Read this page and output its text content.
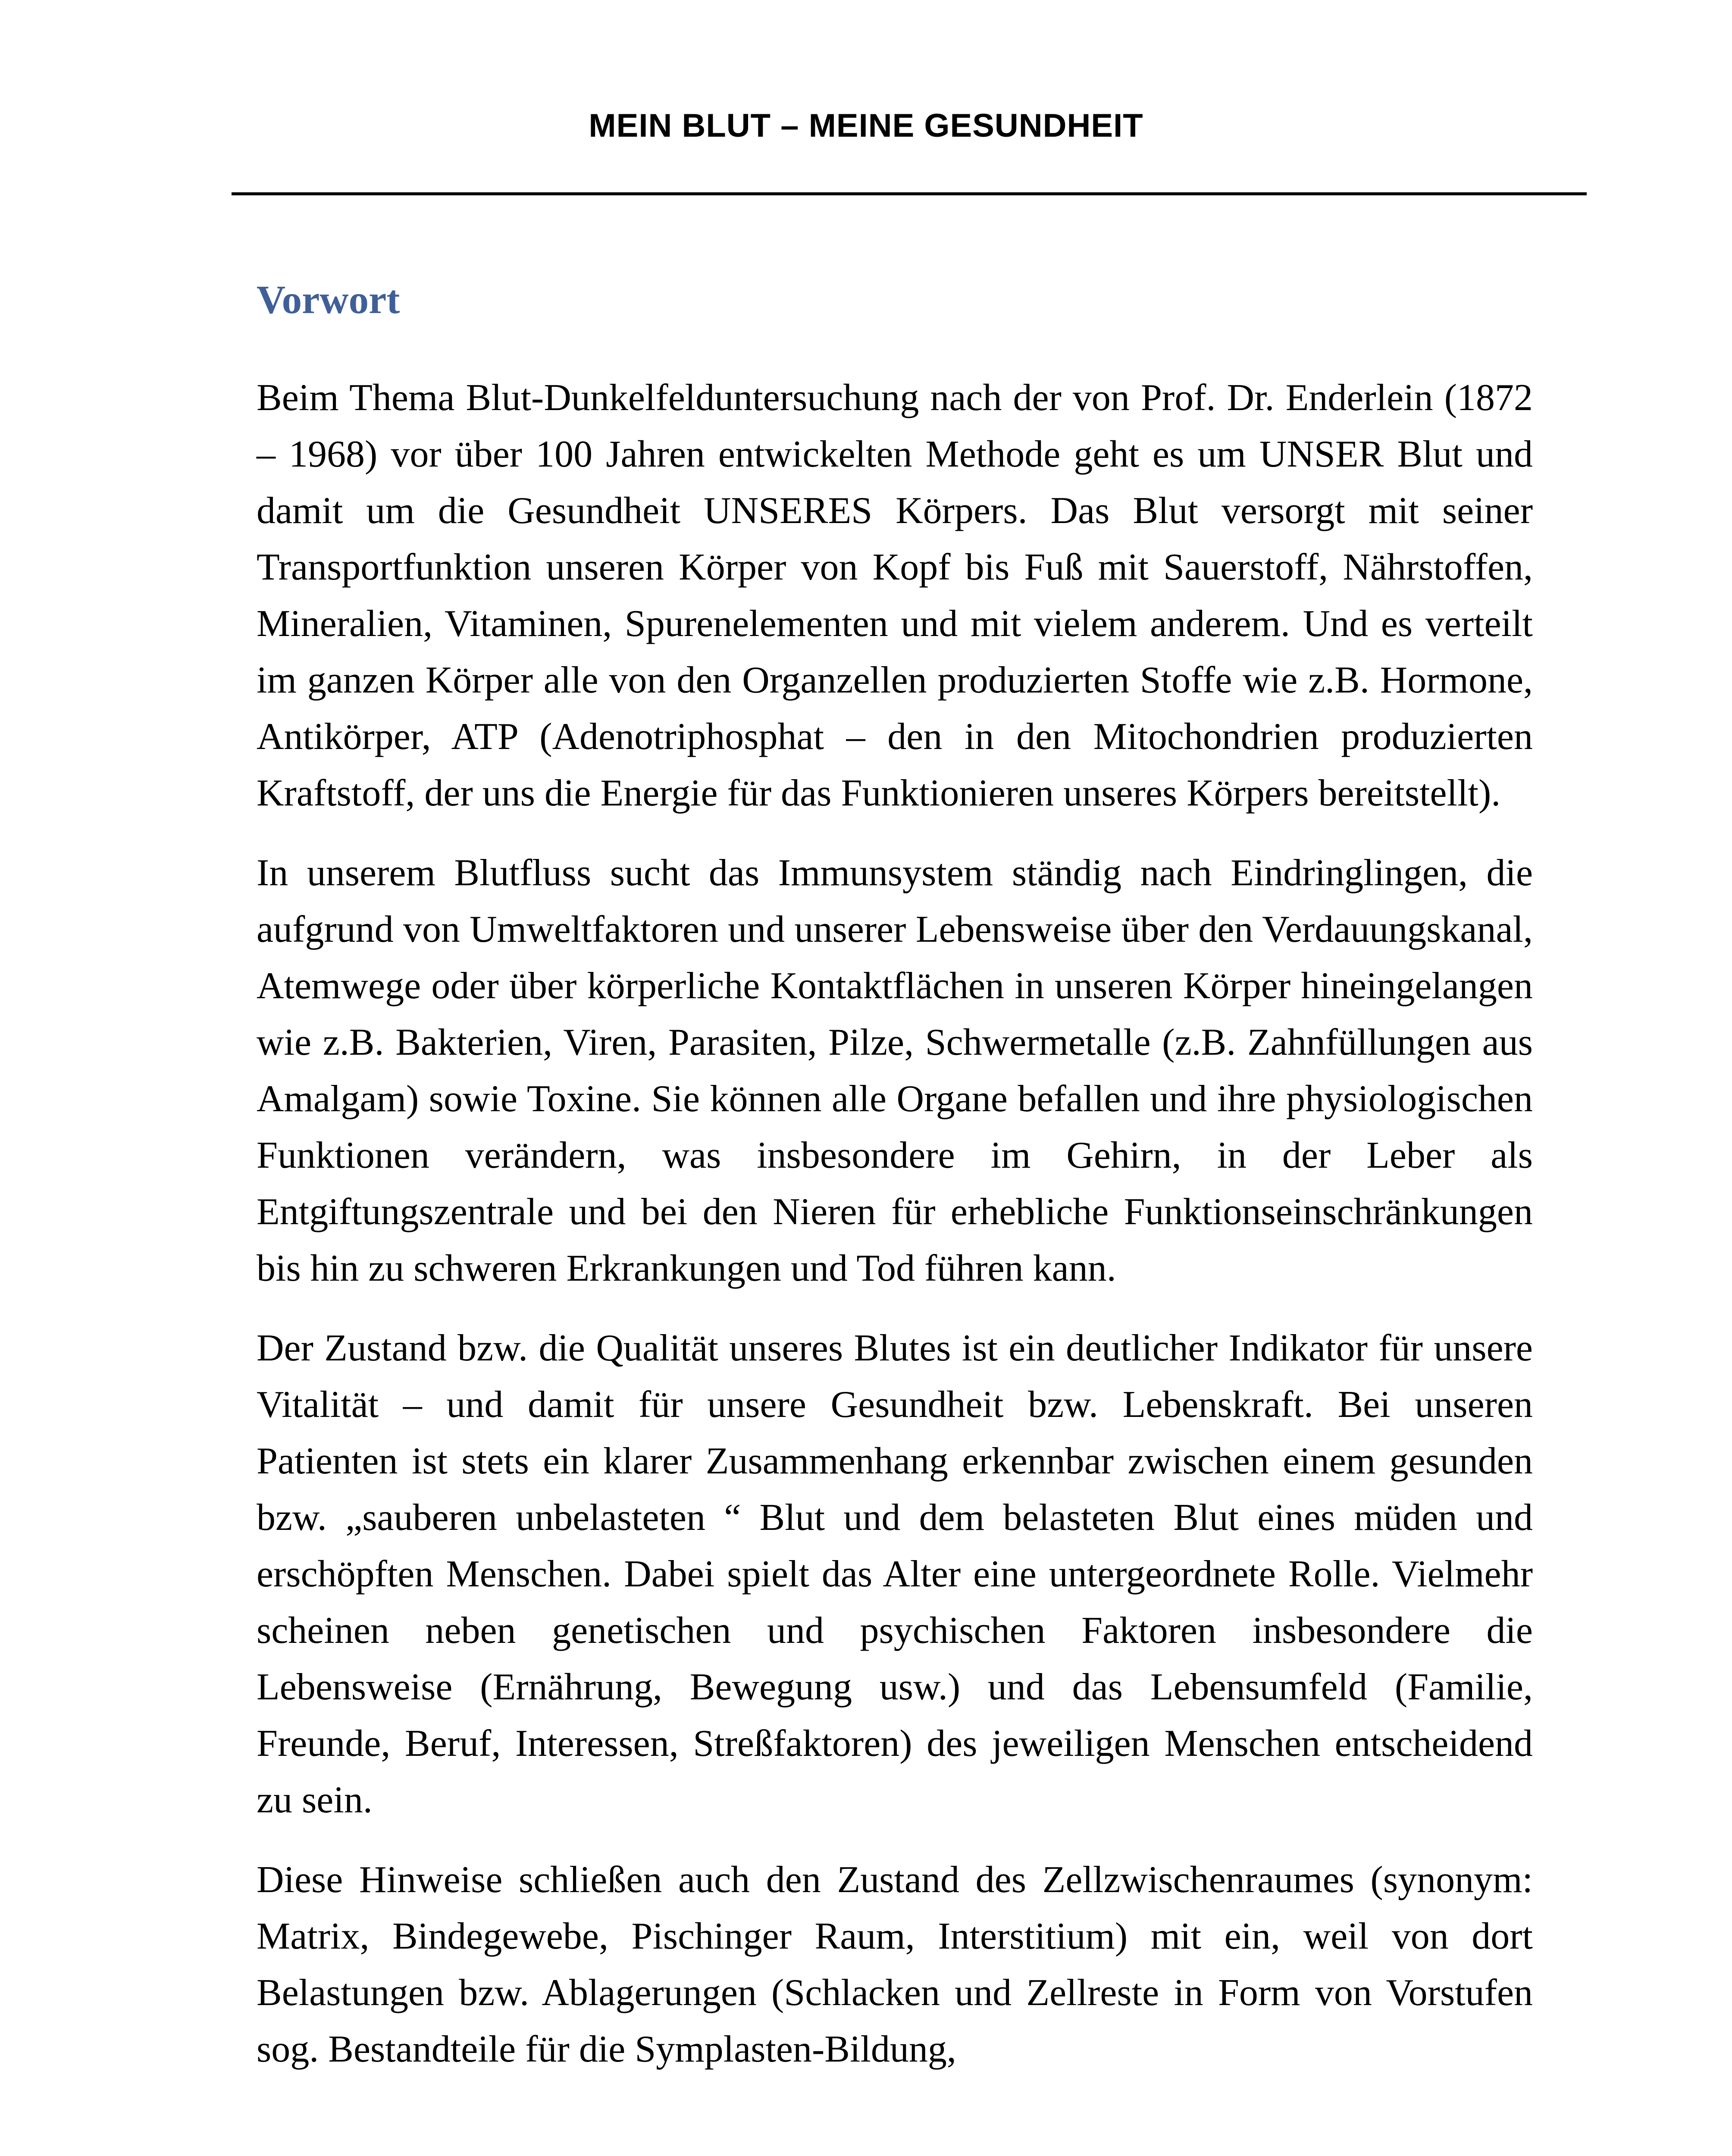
MEIN BLUT – MEINE GESUNDHEIT
Vorwort

Beim Thema Blut-Dunkelfelduntersuchung nach der von Prof. Dr. Enderlein (1872 – 1968) vor über 100 Jahren entwickelten Methode geht es um UNSER Blut und damit um die Gesundheit UNSERES Körpers. Das Blut versorgt mit seiner Transportfunktion unseren Körper von Kopf bis Fuß mit Sauerstoff, Nährstoffen, Mineralien, Vitaminen, Spurenelementen und mit vielem anderem. Und es verteilt im ganzen Körper alle von den Organzellen produzierten Stoffe wie z.B. Hormone, Antikörper, ATP (Adenotriphosphat – den in den Mitochondrien produzierten Kraftstoff, der uns die Energie für das Funktionieren unseres Körpers bereitstellt).

In unserem Blutfluss sucht das Immunsystem ständig nach Eindringlingen, die aufgrund von Umweltfaktoren und unserer Lebensweise über den Verdauungskanal, Atemwege oder über körperliche Kontaktflächen in unseren Körper hineingelangen wie z.B. Bakterien, Viren, Parasiten, Pilze, Schwermetalle (z.B. Zahnfüllungen aus Amalgam) sowie Toxine. Sie können alle Organe befallen und ihre physiologischen Funktionen verändern, was insbesondere im Gehirn, in der Leber als Entgiftungszentrale und bei den Nieren für erhebliche Funktionseinschränkungen bis hin zu schweren Erkrankungen und Tod führen kann.

Der Zustand bzw. die Qualität unseres Blutes ist ein deutlicher Indikator für unsere Vitalität – und damit für unsere Gesundheit bzw. Lebenskraft. Bei unseren Patienten ist stets ein klarer Zusammenhang erkennbar zwischen einem gesunden bzw. „sauberen unbelasteten “ Blut und dem belasteten Blut eines müden und erschöpften Menschen. Dabei spielt das Alter eine untergeordnete Rolle. Vielmehr scheinen neben genetischen und psychischen Faktoren insbesondere die Lebensweise (Ernährung, Bewegung usw.) und das Lebensumfeld (Familie, Freunde, Beruf, Interessen, Streßfaktoren) des jeweiligen Menschen entscheidend zu sein.

Diese Hinweise schließen auch den Zustand des Zellzwischenraumes (synonym: Matrix, Bindegewebe, Pischinger Raum, Interstitium) mit ein, weil von dort Belastungen bzw. Ablagerungen (Schlacken und Zellreste in Form von Vorstufen sog. Bestandteile für die Symplasten-Bildung,
